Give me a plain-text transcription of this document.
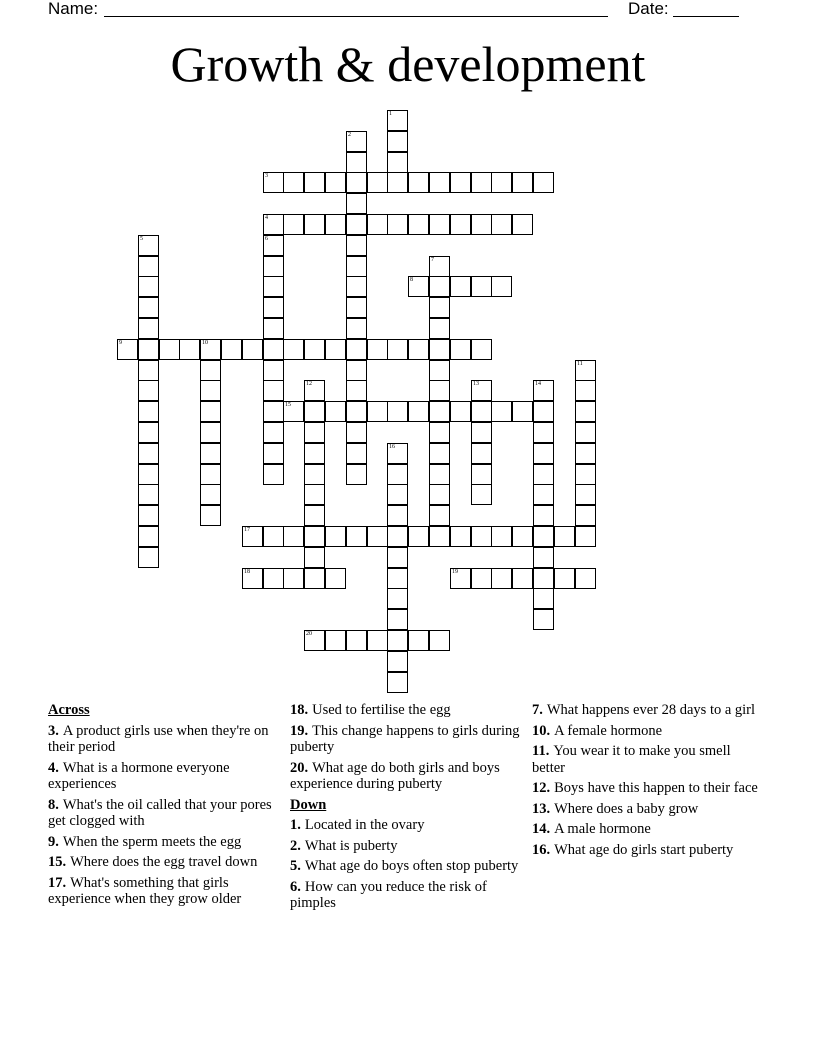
Name:	Date:
Growth & development
1
2
3
4
5	6
7
8
9	10
11
12	13	14
15
16
17
18	19
20
Across
3. A product girls use when they're on their period
4. What is a hormone everyone experiences
8. What's the oil called that your pores get clogged with
9. When the sperm meets the egg
15. Where does the egg travel down
17. What's something that girls experience when they grow older
18. Used to fertilise the egg
19. This change happens to girls during puberty
20. What age do both girls and boys experience during puberty
Down
1. Located in the ovary
2. What is puberty
5. What age do boys often stop puberty
6. How can you reduce the risk of pimples
7. What happens ever 28 days to a girl
10. A female hormone
11. You wear it to make you smell better
12. Boys have this happen to their face
13. Where does a baby grow
14. A male hormone
16. What age do girls start puberty
